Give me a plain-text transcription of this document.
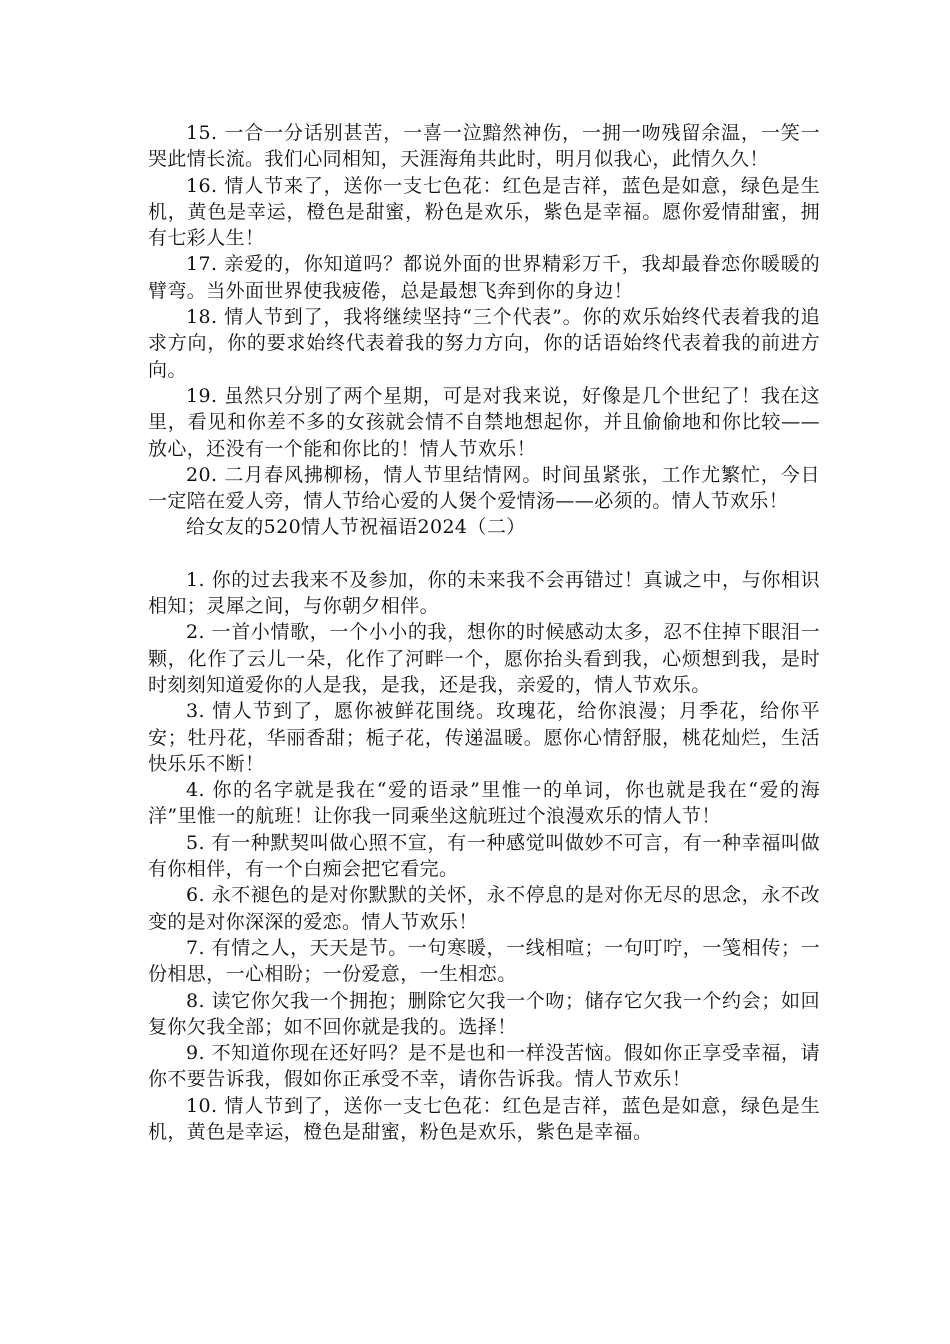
15. 一合一分话别甚苦，一喜一泣黯然神伤，一拥一吻残留余温，一笑一哭此情长流。我们心同相知，天涯海角共此时，明月似我心，此情久久！

16. 情人节来了，送你一支七色花：红色是吉祥，蓝色是如意，绿色是生机，黄色是幸运，橙色是甜蜜，粉色是欢乐，紫色是幸福。愿你爱情甜蜜，拥有七彩人生！

17. 亲爱的，你知道吗？都说外面的世界精彩万千，我却最眷恋你暖暖的臂弯。当外面世界使我疲倦，总是最想飞奔到你的身边！

18. 情人节到了，我将继续坚持“三个代表”。你的欢乐始终代表着我的追求方向，你的要求始终代表着我的努力方向，你的话语始终代表着我的前进方向。

19. 虽然只分别了两个星期，可是对我来说，好像是几个世纪了！我在这里，看见和你差不多的女孩就会情不自禁地想起你，并且偷偷地和你比较——放心，还没有一个能和你比的！情人节欢乐！

20. 二月春风拂柳杨，情人节里结情网。时间虽紧张，工作尤繁忙，今日一定陪在爱人旁，情人节给心爱的人煲个爱情汤——必须的。情人节欢乐！

给女友的520情人节祝福语2024（二）

1. 你的过去我来不及参加，你的未来我不会再错过！真诚之中，与你相识相知；灵犀之间，与你朝夕相伴。

2. 一首小情歌，一个小小的我，想你的时候感动太多，忍不住掉下眼泪一颗，化作了云儿一朵，化作了河畔一个，愿你抬头看到我，心烦想到我，是时时刻刻知道爱你的人是我，是我，还是我，亲爱的，情人节欢乐。

3. 情人节到了，愿你被鲜花围绕。玫瑰花，给你浪漫；月季花，给你平安；牡丹花，华丽香甜；栀子花，传递温暖。愿你心情舒服，桃花灿烂，生活快乐乐不断！

4. 你的名字就是我在“爱的语录”里惟一的单词，你也就是我在“爱的海洋”里惟一的航班！让你我一同乘坐这航班过个浪漫欢乐的情人节！

5. 有一种默契叫做心照不宣，有一种感觉叫做妙不可言，有一种幸福叫做有你相伴，有一个白痴会把它看完。

6. 永不褪色的是对你默默的关怀，永不停息的是对你无尽的思念，永不改变的是对你深深的爱恋。情人节欢乐！

7. 有情之人，天天是节。一句寒暖，一线相喧；一句叮咛，一笺相传；一份相思，一心相盼；一份爱意，一生相恋。

8. 读它你欠我一个拥抱；删除它欠我一个吻；储存它欠我一个约会；如回复你欠我全部；如不回你就是我的。选择！

9. 不知道你现在还好吗？是不是也和一样没苦恼。假如你正享受幸福，请你不要告诉我，假如你正承受不幸，请你告诉我。情人节欢乐！

10. 情人节到了，送你一支七色花：红色是吉祥，蓝色是如意，绿色是生机，黄色是幸运，橙色是甜蜜，粉色是欢乐，紫色是幸福。
